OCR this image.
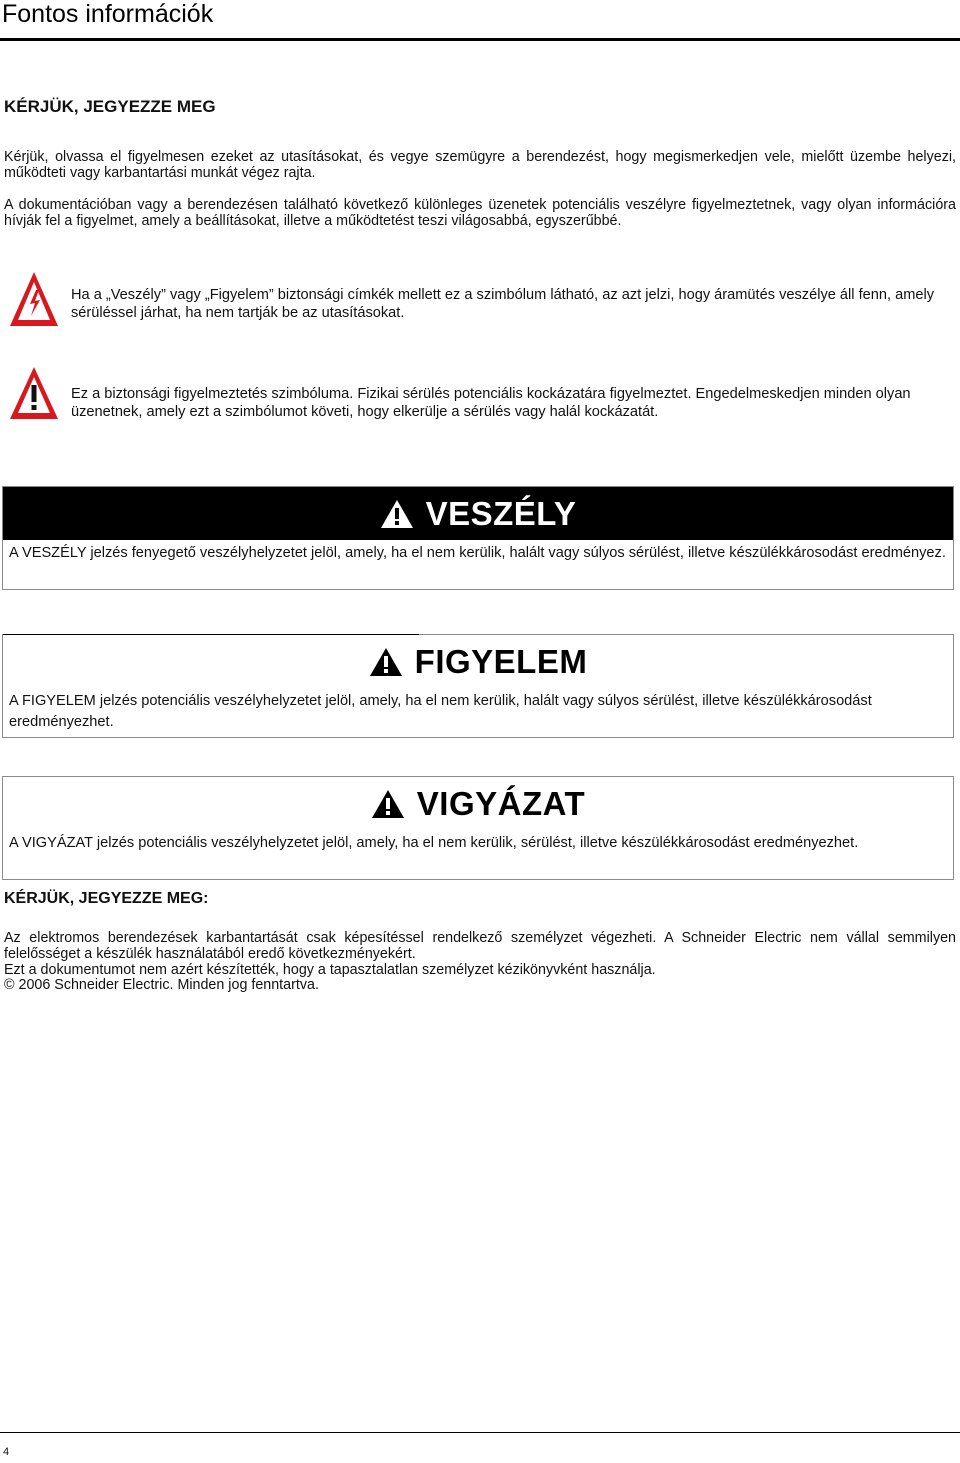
Fontos információk
KÉRJÜK, JEGYEZZE MEG
Kérjük, olvassa el figyelmesen ezeket az utasításokat, és vegye szemügyre a berendezést, hogy megismerkedjen vele, mielőtt üzembe helyezi, működteti vagy karbantartási munkát végez rajta.
A dokumentációban vagy a berendezésen található következő különleges üzenetek potenciális veszélyre figyelmeztetnek, vagy olyan információra hívják fel a figyelmet, amely a beállításokat, illetve a működtetést teszi világosabbá, egyszerűbbé.
Ha a „Veszély” vagy „Figyelem” biztonsági címkék mellett ez a szimbólum látható, az azt jelzi, hogy áramütés veszélye áll fenn, amely sérüléssel járhat, ha nem tartják be az utasításokat.
Ez a biztonsági figyelmeztetés szimbóluma. Fizikai sérülés potenciális kockázatára figyelmeztet. Engedelmeskedjen minden olyan üzenetnek, amely ezt a szimbólumot követi, hogy elkerülje a sérülés vagy halál kockázatát.
VESZÉLY
A VESZÉLY jelzés fenyegető veszélyhelyzetet jelöl, amely, ha el nem kerülik, halált vagy súlyos sérülést, illetve készülékkárosodást eredményez.
FIGYELEM
A FIGYELEM jelzés potenciális veszélyhelyzetet jelöl, amely, ha el nem kerülik, halált vagy súlyos sérülést, illetve készülékkárosodást eredményezhet.
VIGYÁZAT
A VIGYÁZAT jelzés potenciális veszélyhelyzetet jelöl, amely, ha el nem kerülik, sérülést, illetve készülékkárosodást eredményezhet.
KÉRJÜK, JEGYEZZE MEG:
Az elektromos berendezések karbantartását csak képesítéssel rendelkező személyzet végezheti. A Schneider Electric nem vállal semmilyen felelősséget a készülék használatából eredő következményekért.
Ezt a dokumentumot nem azért készítették, hogy a tapasztalatlan személyzet kézikönyvként használja.
© 2006 Schneider Electric. Minden jog fenntartva.
4
